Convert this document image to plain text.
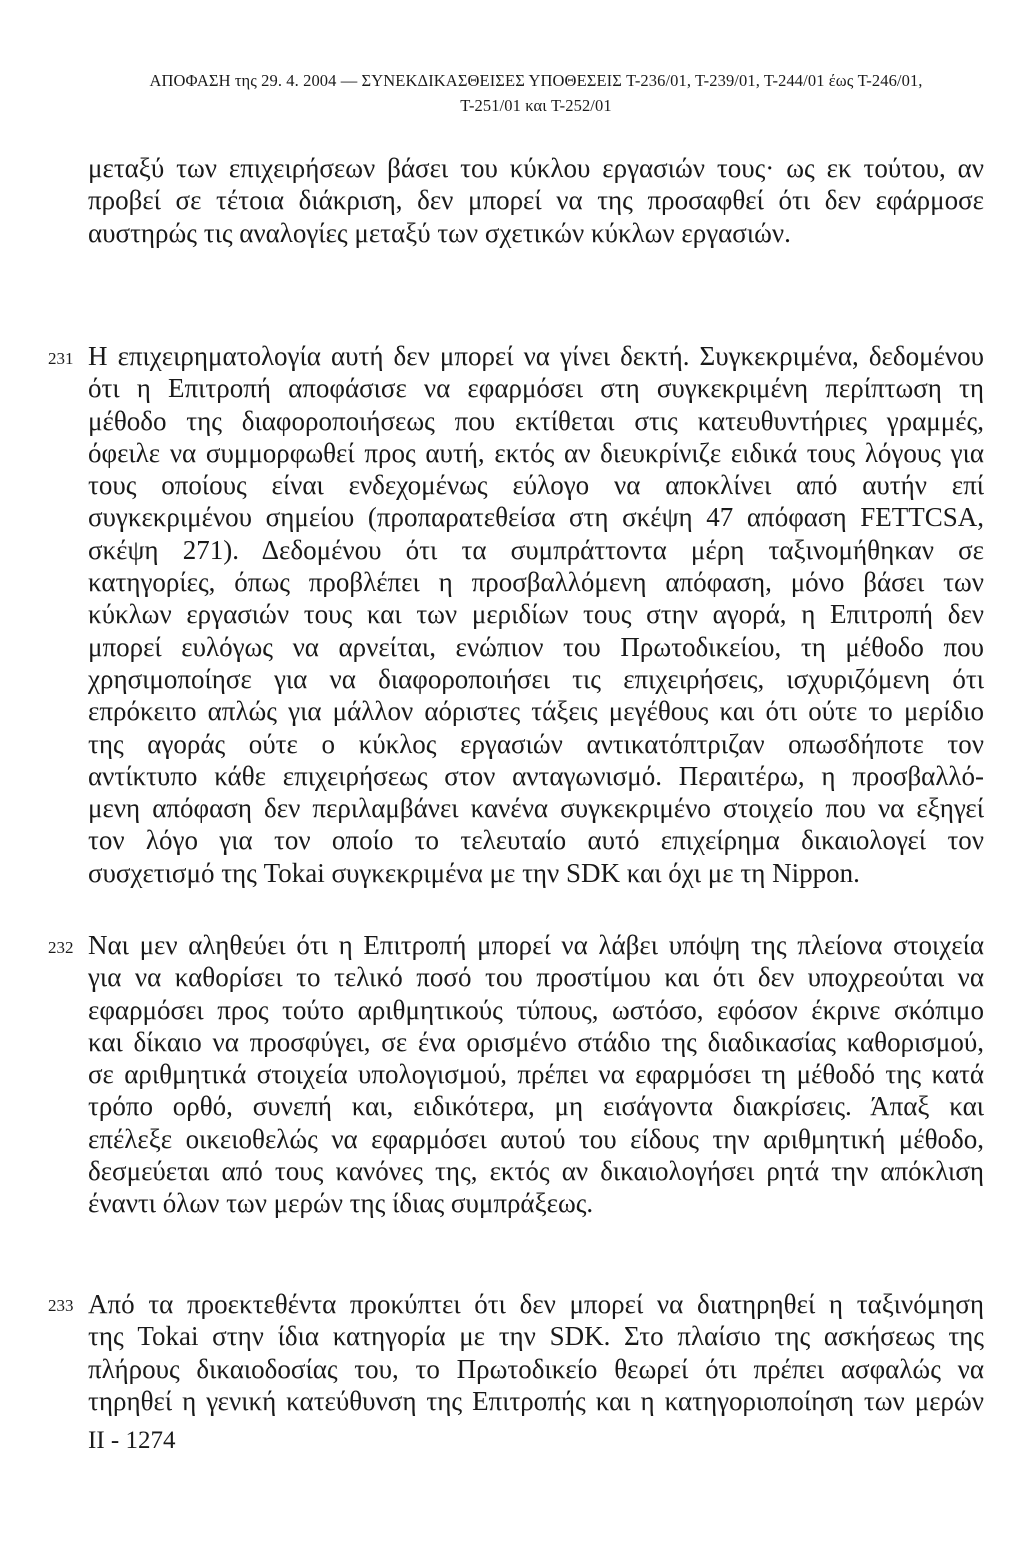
ΑΠΟΦΑΣΗ της 29. 4. 2004 — ΣΥΝΕΚΔΙΚΑΣΘΕΙΣΕΣ ΥΠΟΘΕΣΕΙΣ T-236/01, T-239/01, T-244/01 έως T-246/01,
T-251/01 και T-252/01
μεταξύ των επιχειρήσεων βάσει του κύκλου εργασιών τους· ως εκ τούτου, αν
προβεί σε τέτοια διάκριση, δεν μπορεί να της προσαφθεί ότι δεν εφάρμοσε
αυστηρώς τις αναλογίες μεταξύ των σχετικών κύκλων εργασιών.
231 Η επιχειρηματολογία αυτή δεν μπορεί να γίνει δεκτή. Συγκεκριμένα, δεδομένου
ότι η Επιτροπή αποφάσισε να εφαρμόσει στη συγκεκριμένη περίπτωση τη
μέθοδο της διαφοροποιήσεως που εκτίθεται στις κατευθυντήριες γραμμές,
όφειλε να συμμορφωθεί προς αυτή, εκτός αν διευκρίνιζε ειδικά τους λόγους για
τους οποίους είναι ενδεχομένως εύλογο να αποκλίνει από αυτήν επί
συγκεκριμένου σημείου (προπαρατεθείσα στη σκέψη 47 απόφαση FETTCSA,
σκέψη 271). Δεδομένου ότι τα συμπράττοντα μέρη ταξινομήθηκαν σε
κατηγορίες, όπως προβλέπει η προσβαλλόμενη απόφαση, μόνο βάσει των
κύκλων εργασιών τους και των μεριδίων τους στην αγορά, η Επιτροπή δεν
μπορεί ευλόγως να αρνείται, ενώπιον του Πρωτοδικείου, τη μέθοδο που
χρησιμοποίησε για να διαφοροποιήσει τις επιχειρήσεις, ισχυριζόμενη ότι
επρόκειτο απλώς για μάλλον αόριστες τάξεις μεγέθους και ότι ούτε το μερίδιο
της αγοράς ούτε ο κύκλος εργασιών αντικατόπτριζαν οπωσδήποτε τον
αντίκτυπο κάθε επιχειρήσεως στον ανταγωνισμό. Περαιτέρω, η προσβαλλό-
μενη απόφαση δεν περιλαμβάνει κανένα συγκεκριμένο στοιχείο που να εξηγεί
τον λόγο για τον οποίο το τελευταίο αυτό επιχείρημα δικαιολογεί τον
συσχετισμό της Tokai συγκεκριμένα με την SDK και όχι με τη Nippon.
232 Ναι μεν αληθεύει ότι η Επιτροπή μπορεί να λάβει υπόψη της πλείονα στοιχεία
για να καθορίσει το τελικό ποσό του προστίμου και ότι δεν υποχρεούται να
εφαρμόσει προς τούτο αριθμητικούς τύπους, ωστόσο, εφόσον έκρινε σκόπιμο
και δίκαιο να προσφύγει, σε ένα ορισμένο στάδιο της διαδικασίας καθορισμού,
σε αριθμητικά στοιχεία υπολογισμού, πρέπει να εφαρμόσει τη μέθοδό της κατά
τρόπο ορθό, συνεπή και, ειδικότερα, μη εισάγοντα διακρίσεις. Άπαξ και
επέλεξε οικειοθελώς να εφαρμόσει αυτού του είδους την αριθμητική μέθοδο,
δεσμεύεται από τους κανόνες της, εκτός αν δικαιολογήσει ρητά την απόκλιση
έναντι όλων των μερών της ίδιας συμπράξεως.
233 Από τα προεκτεθέντα προκύπτει ότι δεν μπορεί να διατηρηθεί η ταξινόμηση
της Tokai στην ίδια κατηγορία με την SDK. Στο πλαίσιο της ασκήσεως της
πλήρους δικαιοδοσίας του, το Πρωτοδικείο θεωρεί ότι πρέπει ασφαλώς να
τηρηθεί η γενική κατεύθυνση της Επιτροπής και η κατηγοριοποίηση των μερών
II - 1274
